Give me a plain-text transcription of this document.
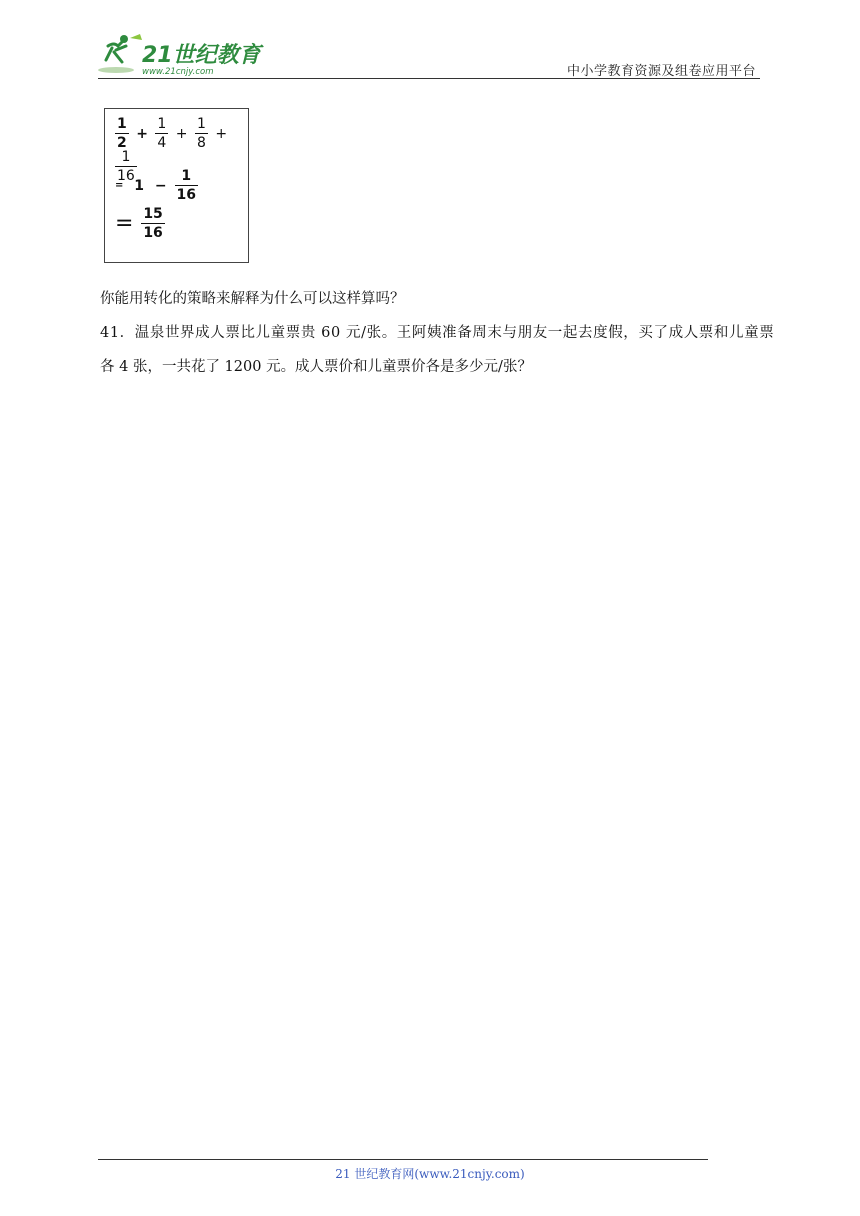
21世纪教育
www.21cnjy.com	中小学教育资源及组卷应用平台
$\frac{1}{2} + \frac{1}{4} + \frac{1}{8}$ +
$\frac{1}{16}$
= $1 - \frac{1}{16}$
= $\frac{15}{16}$
你能用转化的策略来解释为什么可以这样算吗？
41．温泉世界成人票比儿童票贵 60 元/张。王阿姨准备周末与朋友一起去度假，买了成人票和儿童票
各 4 张，一共花了 1200 元。成人票价和儿童票价各是多少元/张？
21 世纪教育网(www.21cnjy.com)
